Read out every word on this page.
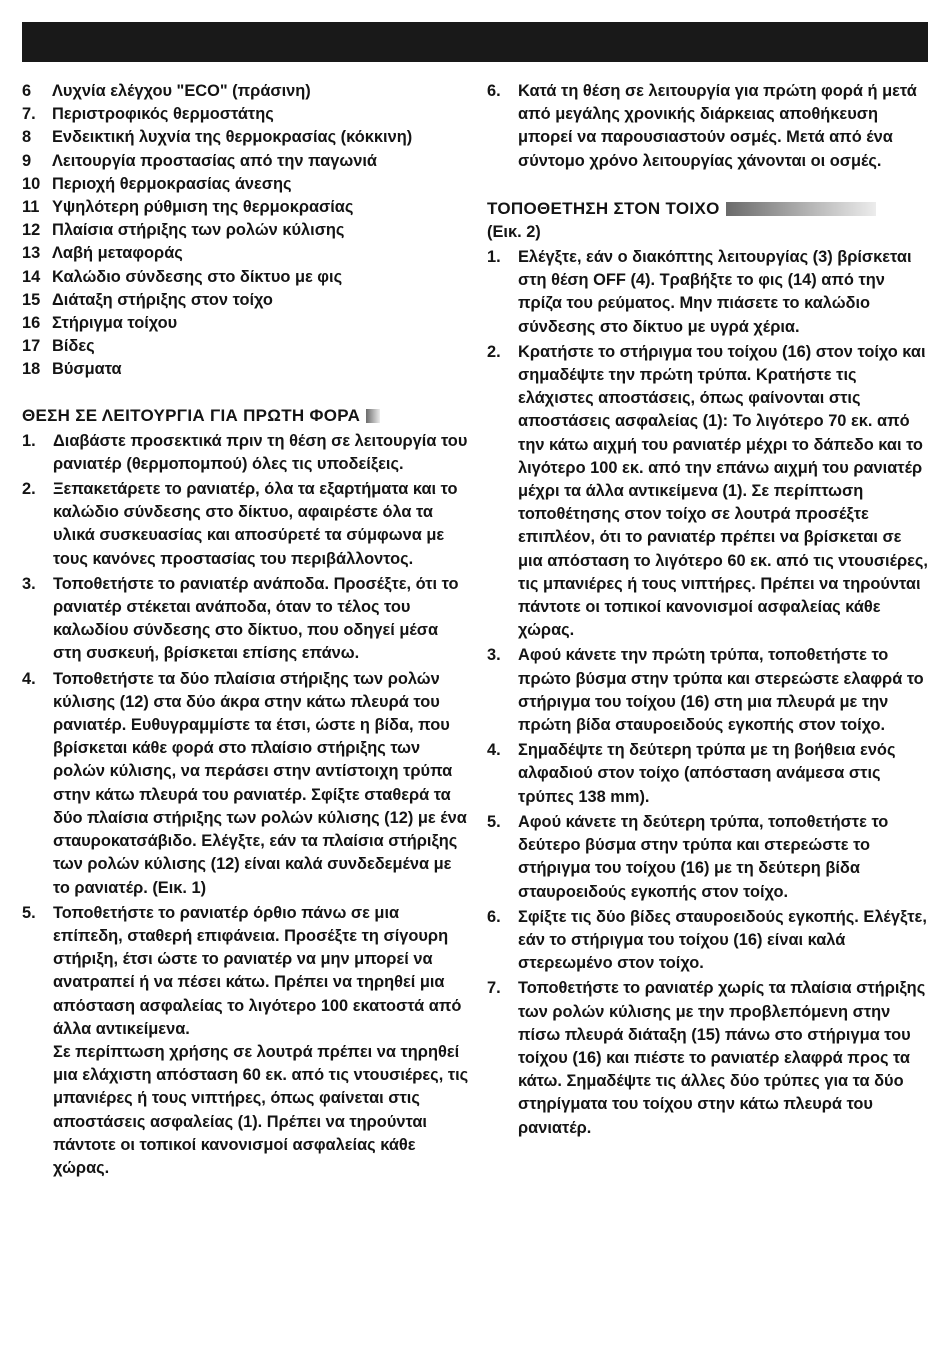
6	Λυχνία ελέγχου "ECO" (πράσινη)
7. Περιστροφικός θερμοστάτης
8	Ενδεικτική λυχνία της θερμοκρασίας (κόκκινη)
9	Λειτουργία προστασίας από την παγωνιά
10 Περιοχή θερμοκρασίας άνεσης
11 Υψηλότερη ρύθμιση της θερμοκρασίας
12 Πλαίσια στήριξης των ρολών κύλισης
13 Λαβή μεταφοράς
14 Καλώδιο σύνδεσης στο δίκτυο με φις
15 Διάταξη στήριξης στον τοίχο
16 Στήριγμα τοίχου
17 Βίδες
18 Βύσματα
ΘΕΣΗ ΣΕ ΛΕΙΤΟΥΡΓΙΑ ΓΙΑ ΠΡΩΤΗ ΦΟΡΑ
1.	Διαβάστε προσεκτικά πριν τη θέση σε λειτουργία του ρανιατέρ (θερμοπομπού) όλες τις υποδείξεις.
2.	Ξεπακετάρετε το ρανιατέρ, όλα τα εξαρτήματα και το καλώδιο σύνδεσης στο δίκτυο, αφαιρέστε όλα τα υλικά συσκευασίας και αποσύρετέ τα σύμφωνα με τους κανόνες προστασίας του περιβάλλοντος.
3.	Τοποθετήστε το ρανιατέρ ανάποδα. Προσέξτε, ότι το ρανιατέρ στέκεται ανάποδα, όταν το τέλος του καλωδίου σύνδεσης στο δίκτυο, που οδηγεί μέσα στη συσκευή, βρίσκεται επίσης επάνω.
4.	Τοποθετήστε τα δύο πλαίσια στήριξης των ρολών κύλισης (12) στα δύο άκρα στην κάτω πλευρά του ρανιατέρ. Ευθυγραμμίστε τα έτσι, ώστε η βίδα, που βρίσκεται κάθε φορά στο πλαίσιο στήριξης των ρολών κύλισης, να περάσει στην αντίστοιχη τρύπα στην κάτω πλευρά του ρανιατέρ. Σφίξτε σταθερά τα δύο πλαίσια στήριξης των ρολών κύλισης (12) με ένα σταυροκατσάβιδο. Ελέγξτε, εάν τα πλαίσια στήριξης των ρολών κύλισης (12) είναι καλά συνδεδεμένα με το ρανιατέρ. (Εικ. 1)
5.	Τοποθετήστε το ρανιατέρ όρθιο πάνω σε μια επίπεδη, σταθερή επιφάνεια. Προσέξτε τη σίγουρη στήριξη, έτσι ώστε το ρανιατέρ να μην μπορεί να ανατραπεί ή να πέσει κάτω. Πρέπει να τηρηθεί μια απόσταση ασφαλείας το λιγότερο 100 εκατοστά από άλλα αντικείμενα.
Σε περίπτωση χρήσης σε λουτρά πρέπει να τηρηθεί μια ελάχιστη απόσταση 60 εκ. από τις ντουσιέρες, τις μπανιέρες ή τους νιπτήρες, όπως φαίνεται στις αποστάσεις ασφαλείας (1). Πρέπει να τηρούνται πάντοτε οι τοπικοί κανονισμοί ασφαλείας κάθε χώρας.
6.	Κατά τη θέση σε λειτουργία για πρώτη φορά ή μετά από μεγάλης χρονικής διάρκειας αποθήκευση μπορεί να παρουσιαστούν οσμές. Μετά από ένα σύντομο χρόνο λειτουργίας χάνονται οι οσμές.
ΤΟΠΟΘΕΤΗΣΗ ΣΤΟΝ ΤΟΙΧΟ
(Εικ. 2)
1.	Ελέγξτε, εάν ο διακόπτης λειτουργίας (3) βρίσκεται στη θέση OFF (4). Τραβήξτε το φις (14) από την πρίζα του ρεύματος. Μην πιάσετε το καλώδιο σύνδεσης στο δίκτυο με υγρά χέρια.
2.	Κρατήστε το στήριγμα του τοίχου (16) στον τοίχο και σημαδέψτε την πρώτη τρύπα. Κρατήστε τις ελάχιστες αποστάσεις, όπως φαίνονται στις αποστάσεις ασφαλείας (1): Το λιγότερο 70 εκ. από την κάτω αιχμή του ρανιατέρ μέχρι το δάπεδο και το λιγότερο 100 εκ. από την επάνω αιχμή του ρανιατέρ μέχρι τα άλλα αντικείμενα (1). Σε περίπτωση τοποθέτησης στον τοίχο σε λουτρά προσέξτε επιπλέον, ότι το ρανιατέρ πρέπει να βρίσκεται σε μια απόσταση το λιγότερο 60 εκ. από τις ντουσιέρες, τις μπανιέρες ή τους νιπτήρες. Πρέπει να τηρούνται πάντοτε οι τοπικοί κανονισμοί ασφαλείας κάθε χώρας.
3.	Αφού κάνετε την πρώτη τρύπα, τοποθετήστε το πρώτο βύσμα στην τρύπα και στερεώστε ελαφρά το στήριγμα του τοίχου (16) στη μια πλευρά με την πρώτη βίδα σταυροειδούς εγκοπής στον τοίχο.
4.	Σημαδέψτε τη δεύτερη τρύπα με τη βοήθεια ενός αλφαδιού στον τοίχο (απόσταση ανάμεσα στις τρύπες 138 mm).
5.	Αφού κάνετε τη δεύτερη τρύπα, τοποθετήστε το δεύτερο βύσμα στην τρύπα και στερεώστε το στήριγμα του τοίχου (16) με τη δεύτερη βίδα σταυροειδούς εγκοπής στον τοίχο.
6.	Σφίξτε τις δύο βίδες σταυροειδούς εγκοπής. Ελέγξτε, εάν το στήριγμα του τοίχου (16) είναι καλά στερεωμένο στον τοίχο.
7.	Τοποθετήστε το ρανιατέρ χωρίς τα πλαίσια στήριξης των ρολών κύλισης με την προβλεπόμενη στην πίσω πλευρά διάταξη (15) πάνω στο στήριγμα του τοίχου (16) και πιέστε το ρανιατέρ ελαφρά προς τα κάτω. Σημαδέψτε τις άλλες δύο τρύπες για τα δύο στηρίγματα του τοίχου στην κάτω πλευρά του ρανιατέρ.
